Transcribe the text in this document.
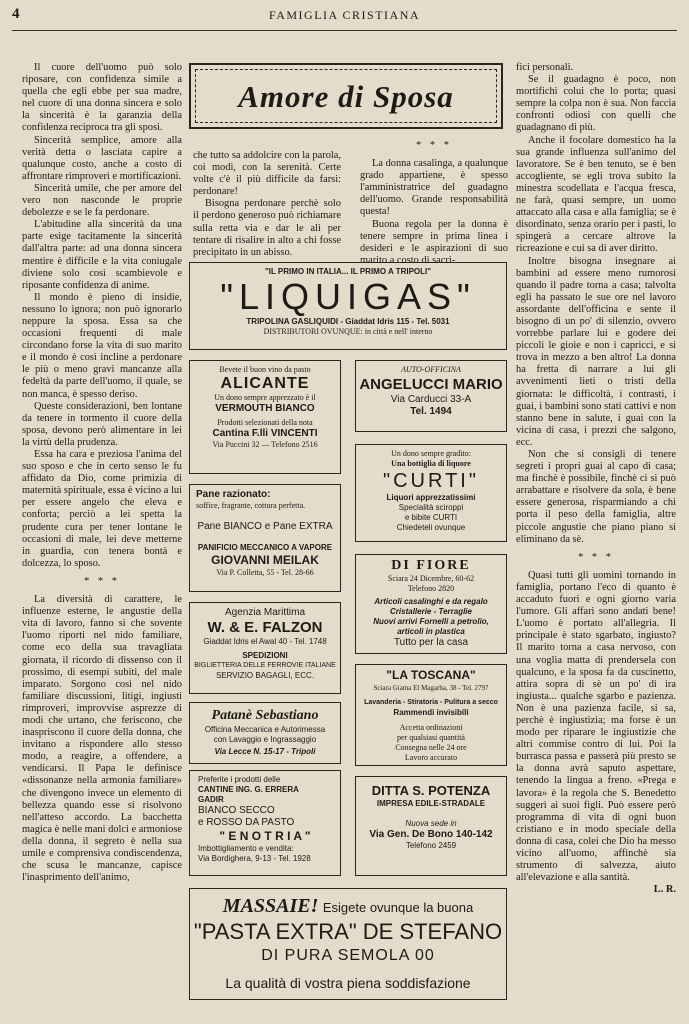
4	FAMIGLIA CRISTIANA
Amore di Sposa

Il cuore dell'uomo può solo riposare, con confidenza simile a quella che egli ebbe per sua madre, nel cuore di una donna sincera e solo la sincerità è la garanzia della confidenza reciproca tra gli sposi.

Sincerità semplice, amore alla verità detta o lasciata capire a qualunque costo, anche a costo di affrontare rimproveri e mortificazioni.

Sincerità umile, che per amore del vero non nasconde le proprie debolezze e se le fa perdonare.

L'abitudine alla sincerità da una parte esige tacitamente la sincerità dall'altra parte: ad una donna sincera mentire è difficile e la vita coniugale diviene solo così scambievole e riposante confidenza di anime.

Il mondo è pieno di insidie, nessuno lo ignora; non può ignorarlo neppure la sposa. Essa sa che occasioni frequenti di male circondano forse la vita di suo marito e il mondo è così incline a perdonare le più o meno gravi mancanze alla fedeltà da parte dell'uomo, il quale, se non manca, è spesso deriso.

Queste considerazioni, ben lontane da tenere in tormento il cuore della sposa, devono però alimentare in lei la virtù della prudenza.

Essa ha cara e preziosa l'anima del suo sposo e che in certo senso le fu affidato da Dio, come primizia di maternità spirituale, essa è vicino a lui per essere angelo che eleva e conforta; perciò a lei spetta la prudente cura per tener lontane le occasioni di male, lei deve metterne in guardia, con tenera bontà e dolcezza, lo sposo.

* * *

La diversità di carattere, le influenze esterne, le angustie della vita di lavoro, fanno sì che sovente l'uomo riporti nel nido familiare, come eco della sua travagliata giornata, il ricordo di dissenso con il prossimo, di esempi subiti, del male imparato. Sorgono così nel nido familiare discussioni, litigi, ingiusti rimproveri, improvvise asprezze di modi che urtano, che feriscono, che inaspriscono il cuore della donna, che invitano a rispondere allo stesso modo, a reagire, a offendere, a vendicarsi. Il Papa le definisce «dissonanze nella armonia familiare» che divengono invece un elemento di bellezza quando esse si risolvono nell'atteso accordo. La bacchetta magica è nelle mani dolci e armoniose della donna, il segreto è nella sua umile e comprensiva condiscendenza, che scusa le mancanze, capisce l'inasprimento dell'animo,

che tutto sa addolcire con la parola, coi modi, con la serenità. Certe volte c'è il più difficile da farsi: perdonare!

Bisogna perdonare perchè solo il perdono generoso può richiamare sulla retta via e dar le ali per tentare di risalire in alto a chi fosse precipitato in un abisso.

* * *

La donna casalinga, a qualunque grado appartiene, è spesso l'amministratrice del guadagno dell'uomo. Grande responsabilità questa!

Buona regola per la donna è tenere sempre in prima linea i desideri e le aspirazioni di suo marito a costo di sacri-

fici personali.

Se il guadagno è poco, non mortifichi colui che lo porta; quasi sempre la colpa non è sua. Non faccia confronti odiosi con quelli che guadagnano di più.

Anche il focolare domestico ha la sua grande influenza sull'animo del lavoratore. Se è ben tenuto, se è ben accogliente, se egli trova subito la minestra scodellata e l'acqua fresca, ne farà, quasi sempre, un uomo attaccato alla casa e alla famiglia; se è disordinato, senza orario per i pasti, lo spingerà a cercare altrove la ricreazione e cui sa di aver diritto.

Inoltre bisogna insegnare ai bambini ad essere meno rumorosi quando il padre torna a casa; talvolta egli ha passato le sue ore nel lavoro assordante dell'officina e sente il bisogno di un po' di silenzio, ovvero vorrebbe parlare lui e godere dei piccoli le gioie e non i capricci, e si trova in mezzo a ben altro! La donna ha fretta di narrare a lui gli avvenimenti lieti o tristi della giornata: le difficoltà, i contrasti, i guai, i bambini sono stati cattivi e non stanno bene in salute, i guai con la vicina di casa, i prezzi che salgono, ecc.

Non che si consigli di tenere segreti i propri guai al capo di casa; ma finchè è possibile, finchè ci si può arrabattare e risolvere da sola, è bene essere generosa, risparmiando a chi porta il peso della famiglia, altre piccole angustie che piano piano si eliminano da sè.

* * *

Quasi tutti gli uomini tornando in famiglia, portano l'eco di quanto è accaduto fuori e ogni giorno varia l'umore. Gli affari sono andati bene! L'uomo è portato all'allegria. Il principale è stato sgarbato, ingiusto? Il marito torna a casa nervoso, con una voglia matta di prendersela con qualcuno, e la sposa fa da cuscinetto, attira sopra di sè un po' di ira ingiusta... qualche sgarbo e pazienza. Non è una pazienza facile, si sa, perchè è ingiustizia; ma forse è un modo per riparare le ingiustizie che altri commise contro di lui. Poi la burrasca passa e passerà più presto se la donna avrà saputo aspettare, tenendo la lingua a freno. «Prega e lavora» è la regola che S. Benedetto suggerì ai suoi figli. Può essere però programma di vita di ogni buon cristiano e in modo speciale della donna di casa, colei che Dio ha messo vicino all'uomo, affinchè sia strumento di salvezza, aiuto all'elevazione e alla santità.

L. R.

"IL PRIMO IN ITALIA... IL PRIMO A TRIPOLI"
"LIQUIGAS"
TRIPOLINA GASLIQUIDI - Giaddat Idris 115 - Tel. 5031
DISTRIBUTORI OVUNQUE: in città e nell' interno
Bevete il buon vino da pasto
ALICANTE
Un dono sempre apprezzato è il
VERMOUTH BIANCO
Prodotti selezionati della nota
Cantina F.lli VINCENTI
Via Puccini 32 — Telefono 2516
AUTO-OFFICINA
ANGELUCCI MARIO
Via Carducci 33-A
Tel. 1494
Un dono sempre gradito:
Una bottiglia di liquore
"CURTI"
Liquori apprezzatissimi
Specialità sciroppi
e bibite CURTI
Chiedeteli ovunque
Pane razionato:
soffice, fragrante, cottura perfetta.
Pane BIANCO e Pane EXTRA
PANIFICIO MECCANICO A VAPORE
GIOVANNI MEILAK
Via P. Colletta, 55 - Tel. 28-66	DI FIORE
Sciara 24 Dicembre, 60-62
Telefono 2820
Articoli casalinghi e da regalo
Cristallerie - Terraglie
Nuovi arrivi Fornelli a petrolio,
articoli in plastica
Tutto per la casa
Agenzia Marittima
W. & E. FALZON
Giaddat Idris el Awal 40 - Tel. 1748
SPEDIZIONI
BIGLIETTERIA DELLE FERROVIE ITALIANE
SERVIZIO BAGAGLI, ECC.	"LA TOSCANA"
Sciara Giama El Magarba, 38 - Tel. 2797
Lavanderia - Stiratoria - Pulitura a secco
Rammendi invisibili
Accetta ordinazioni
per qualsiasi quantità
Consegna nelle 24 ore
Lavoro accurato
Patanè Sebastiano
Officina Meccanica e Autorimessa
con Lavaggio e Ingrassaggio
Via Lecce N. 15-17 - Tripoli
Preferite i prodotti delle
CANTINE ING. G. ERRERA
GADIR
BIANCO SECCO
e ROSSO DA PASTO
" E N O T R I A "
Imbottigliamento e vendita:
Via Bordighera, 9-13 - Tel. 1928
DITTA S. POTENZA
IMPRESA EDILE-STRADALE
Nuova sede in
Via Gen. De Bono 140-142
Telefono 2459
MASSAIE! Esigete ovunque la buona
"PASTA EXTRA" DE STEFANO
DI PURA SEMOLA 00
La qualità di vostra piena soddisfazione
